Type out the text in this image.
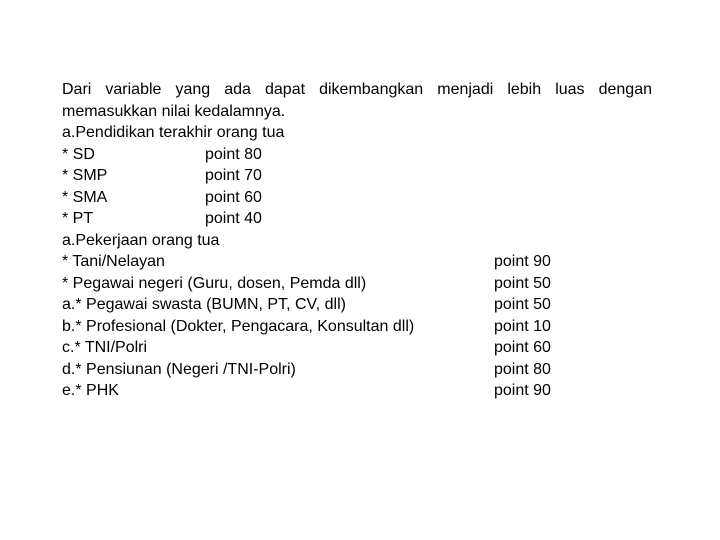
Dari variable yang ada dapat dikembangkan menjadi lebih luas dengan

memasukkan nilai kedalamnya.

a.Pendidikan terakhir orang tua
* SD	point 80
* SMP	point 70
* SMA	point 60
* PT	point 40
a.Pekerjaan orang tua
* Tani/Nelayan	point 90
* Pegawai negeri (Guru, dosen, Pemda dll)	point 50
a.* Pegawai swasta (BUMN, PT, CV, dll)	point 50
b.* Profesional (Dokter, Pengacara, Konsultan dll)	point 10
c.* TNI/Polri	point 60
d.* Pensiunan (Negeri /TNI-Polri)	point 80
e.* PHK	point 90
